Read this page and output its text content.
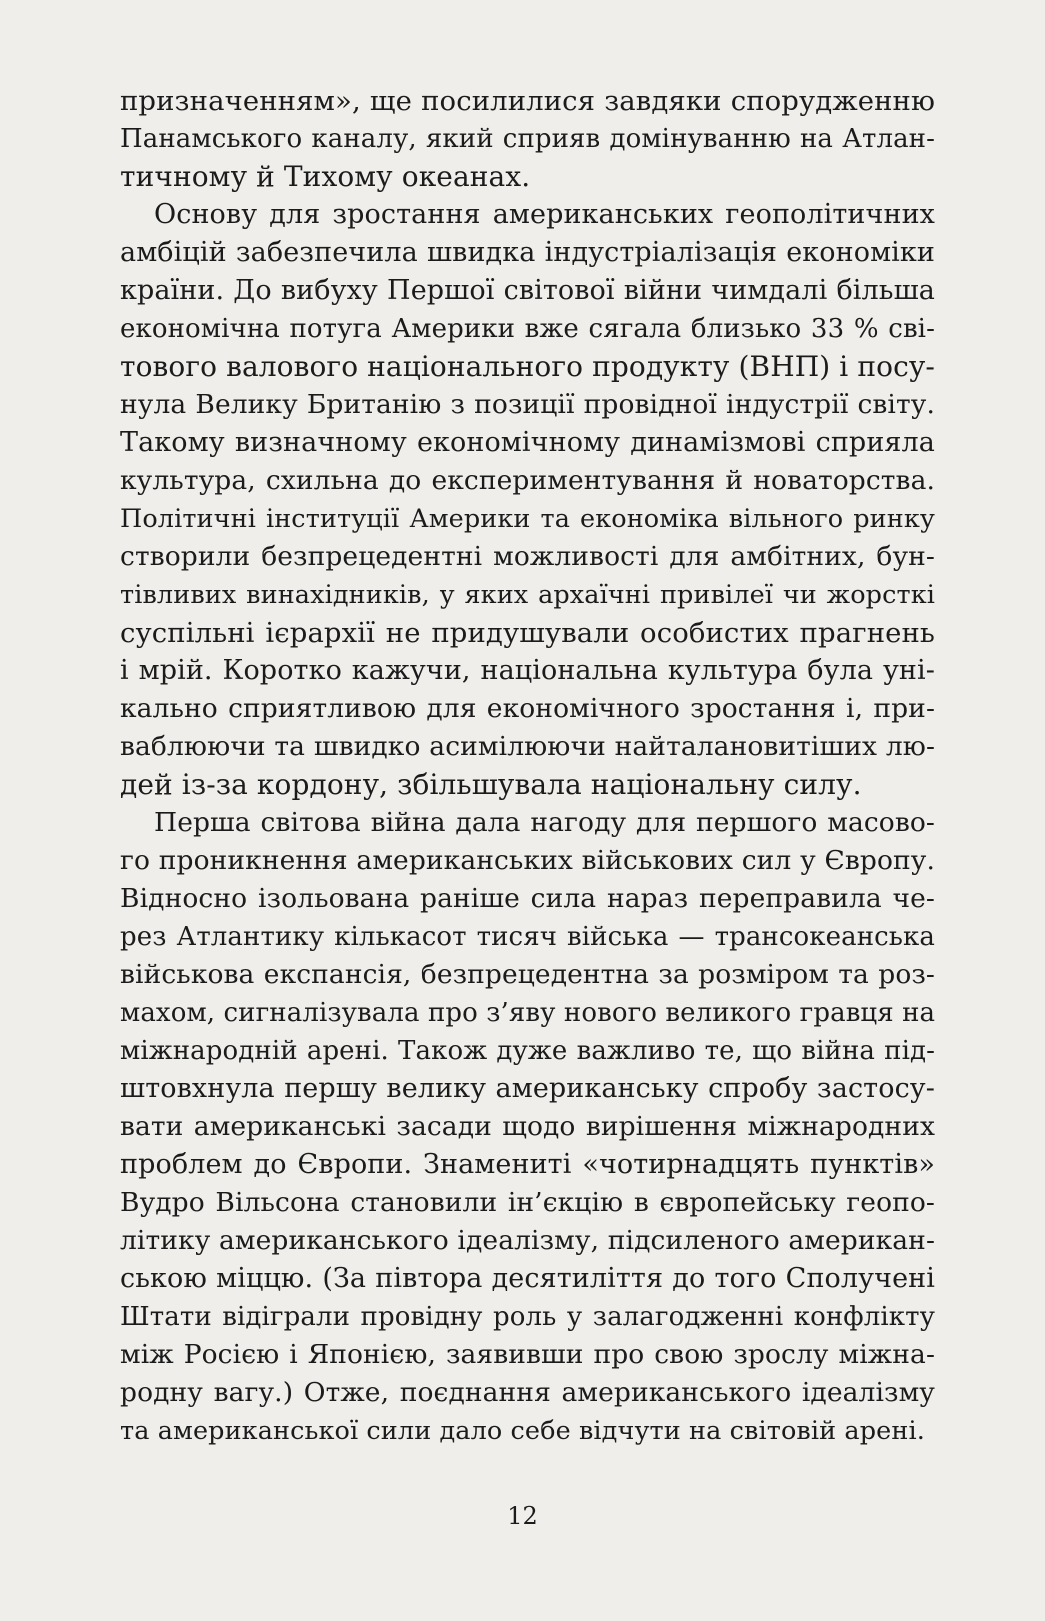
призначенням», ще посилилися завдяки спорудженню
Панамського каналу, який сприяв домінуванню на Атлан-
тичному й Тихому океанах.
Основу для зростання американських геополітичних
амбіцій забезпечила швидка індустріалізація економіки
країни. До вибуху Першої світової війни чимдалі більша
економічна потуга Америки вже сягала близько 33 % сві-
тового валового національного продукту (ВНП) і посу-
нула Велику Британію з позиції провідної індустрії світу.
Такому визначному економічному динамізмові сприяла
культура, схильна до експериментування й новаторства.
Політичні інституції Америки та економіка вільного ринку
створили безпрецедентні можливості для амбітних, бун-
тівливих винахідників, у яких архаїчні привілеї чи жорсткі
суспільні ієрархії не придушували особистих прагнень
і мрій. Коротко кажучи, національна культура була уні-
кально сприятливою для економічного зростання і, при-
ваблюючи та швидко асимілюючи найталановитіших лю-
дей із-за кордону, збільшувала національну силу.
Перша світова війна дала нагоду для першого масово-
го проникнення американських військових сил у Європу.
Відносно ізольована раніше сила нараз переправила че-
рез Атлантику кількасот тисяч війська — трансокеанська
військова експансія, безпрецедентна за розміром та роз-
махом, сигналізувала про з’яву нового великого гравця на
міжнародній арені. Також дуже важливо те, що війна під-
штовхнула першу велику американську спробу застосу-
вати американські засади щодо вирішення міжнародних
проблем до Європи. Знамениті «чотирнадцять пунктів»
Вудро Вільсона становили ін’єкцію в європейську геопо-
літику американського ідеалізму, підсиленого американ-
ською міццю. (За півтора десятиліття до того Сполучені
Штати відіграли провідну роль у залагодженні конфлікту
між Росією і Японією, заявивши про свою зрослу міжна-
родну вагу.) Отже, поєднання американського ідеалізму
та американської сили дало себе відчути на світовій арені.
12
